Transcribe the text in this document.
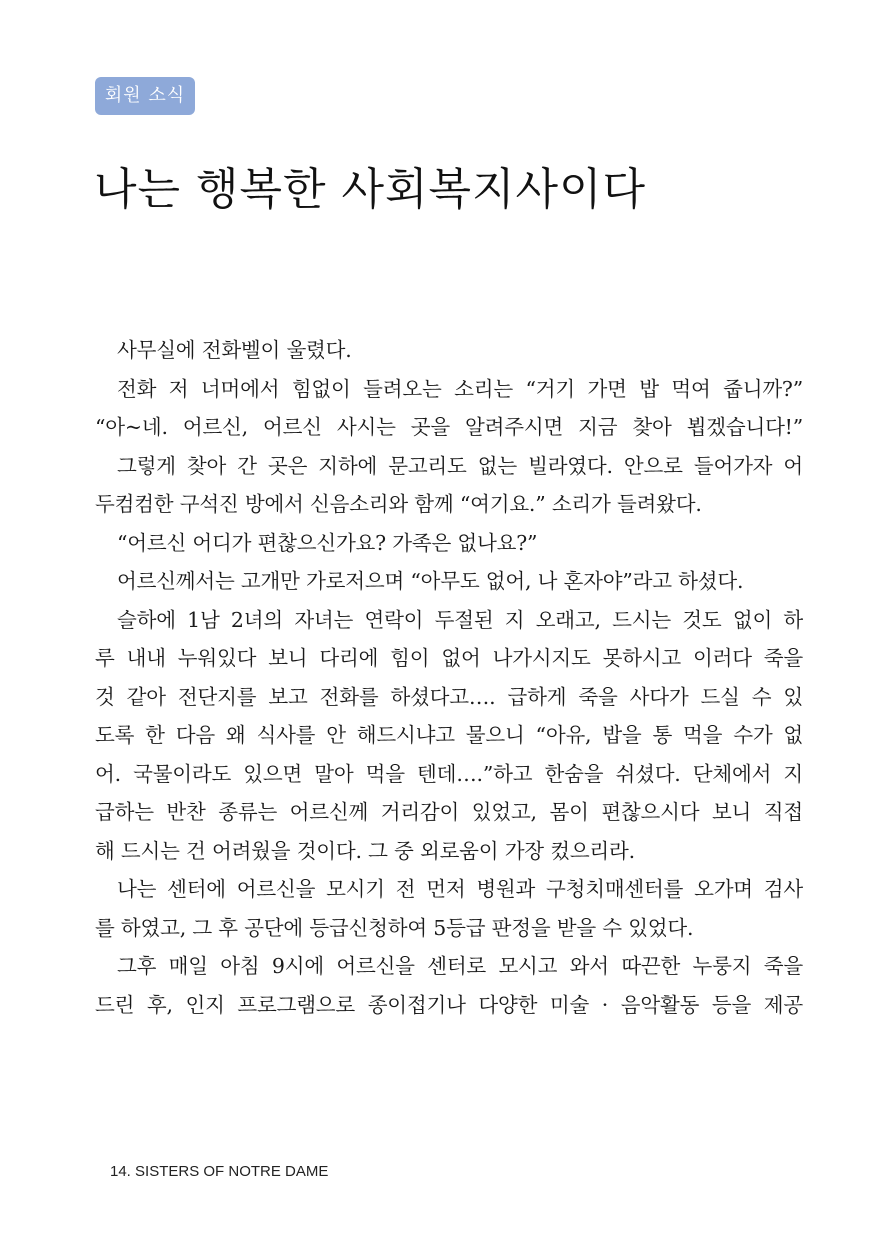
회원 소식
나는 행복한 사회복지사이다
사무실에 전화벨이 울렸다.
전화 저 너머에서 힘없이 들려오는 소리는 “거기 가면 밥 먹여 줍니까?”
“아~네. 어르신, 어르신 사시는 곳을 알려주시면 지금 찾아 뵙겠습니다!”
그렇게 찾아 간 곳은 지하에 문고리도 없는 빌라였다. 안으로 들어가자 어
두컴컴한 구석진 방에서 신음소리와 함께 “여기요.” 소리가 들려왔다.
“어르신 어디가 편찮으신가요? 가족은 없나요?”
어르신께서는 고개만 가로저으며 “아무도 없어, 나 혼자야”라고 하셨다.
슬하에 1남 2녀의 자녀는 연락이 두절된 지 오래고, 드시는 것도 없이 하
루 내내 누워있다 보니 다리에 힘이 없어 나가시지도 못하시고 이러다 죽을
것 같아 전단지를 보고 전화를 하셨다고…. 급하게 죽을 사다가 드실 수 있
도록 한 다음 왜 식사를 안 해드시냐고 물으니 “아유, 밥을 통 먹을 수가 없
어. 국물이라도 있으면 말아 먹을 텐데….”하고 한숨을 쉬셨다. 단체에서 지
급하는 반찬 종류는 어르신께 거리감이 있었고, 몸이 편찮으시다 보니 직접
해 드시는 건 어려웠을 것이다. 그 중 외로움이 가장 컸으리라.
나는 센터에 어르신을 모시기 전 먼저 병원과 구청치매센터를 오가며 검사
를 하였고, 그 후 공단에 등급신청하여 5등급 판정을 받을 수 있었다.
그후 매일 아침 9시에 어르신을 센터로 모시고 와서 따끈한 누룽지 죽을
드린 후, 인지 프로그램으로 종이접기나 다양한 미술 · 음악활동 등을 제공
14. SISTERS OF NOTRE DAME
